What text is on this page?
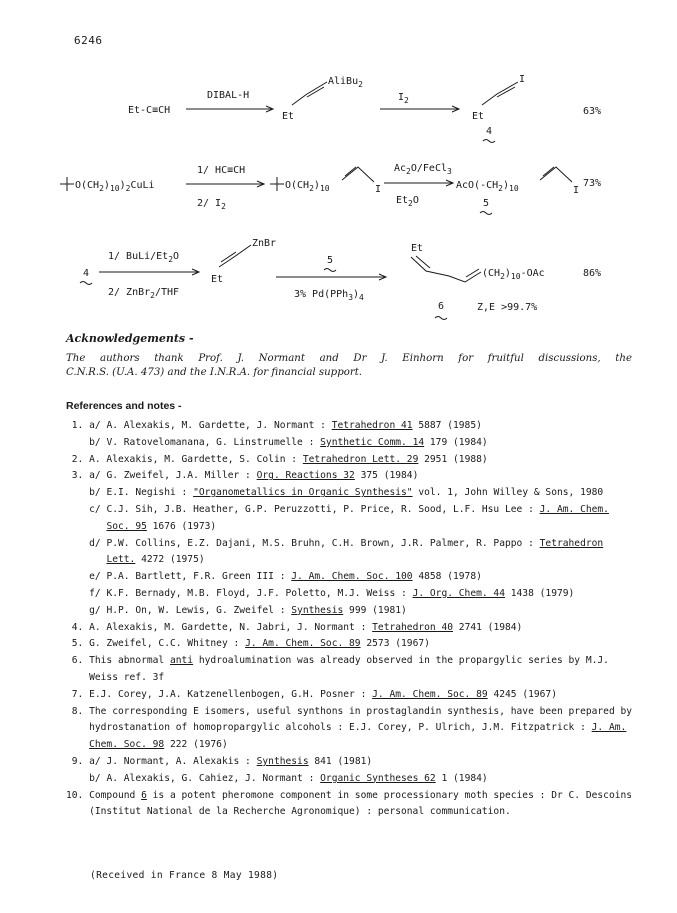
6246
Et-C≡CH
DIBAL-H
Et
AliBu$_2$
$I_2$
I
Et
4
63%
$O(CH_2)_{10})_2CuLi$
1/ HC≡CH
2/ $I_2$
$O(CH_2)_{10}$	I
$Ac_2O/FeCl_3$
$Et_2O$
$AcO(-CH_2)_{10}$	I
5
73%
4
1/ BuLi/$Et_2O$
2/ ZnBr$_2$/THF
ZnBr
Et
5
3% $Pd(PPh_3)_4$
Et
$(CH_2)_{10}$-OAc
6	Z,E >99.7%
86%
Acknowledgements -
The authors thank Prof. J. Normant and Dr J. Einhorn for fruitful discussions, the
C.N.R.S. (U.A. 473) and the I.N.R.A. for financial support.
References and notes -
1. a/ A. Alexakis, M. Gardette, J. Normant : Tetrahedron 41 5887 (1985)
b/ V. Ratovelomanana, G. Linstrumelle : Synthetic Comm. 14 179 (1984)
2. A. Alexakis, M. Gardette, S. Colin : Tetrahedron Lett. 29 2951 (1988)
3. a/ G. Zweifel, J.A. Miller : Org. Reactions 32 375 (1984)
b/ E.I. Negishi : "Organometallics in Organic Synthesis" vol. 1, John Willey & Sons, 1980
c/ C.J. Sih, J.B. Heather, G.P. Peruzzotti, P. Price, R. Sood, L.F. Hsu Lee : J. Am. Chem. Soc. 95 1676 (1973)
d/ P.W. Collins, E.Z. Dajani, M.S. Bruhn, C.H. Brown, J.R. Palmer, R. Pappo : Tetrahedron Lett. 4272 (1975)
e/ P.A. Bartlett, F.R. Green III : J. Am. Chem. Soc. 100 4858 (1978)
f/ K.F. Bernady, M.B. Floyd, J.F. Poletto, M.J. Weiss : J. Org. Chem. 44 1438 (1979)
g/ H.P. On, W. Lewis, G. Zweifel : Synthesis 999 (1981)
4. A. Alexakis, M. Gardette, N. Jabri, J. Normant : Tetrahedron 40 2741 (1984)
5. G. Zweifel, C.C. Whitney : J. Am. Chem. Soc. 89 2573 (1967)
6. This abnormal anti hydroalumination was already observed in the propargylic series by M.J. Weiss ref. 3f
7. E.J. Corey, J.A. Katzenellenbogen, G.H. Posner : J. Am. Chem. Soc. 89 4245 (1967)
8. The corresponding E isomers, useful synthons in prostaglandin synthesis, have been prepared by hydrostanation of homopropargylic alcohols : E.J. Corey, P. Ulrich, J.M. Fitzpatrick : J. Am. Chem. Soc. 98 222 (1976)
9. a/ J. Normant, A. Alexakis : Synthesis 841 (1981)
b/ A. Alexakis, G. Cahiez, J. Normant : Organic Syntheses 62 1 (1984)
10. Compound 6 is a potent pheromone component in some processionary moth species : Dr C. Descoins (Institut National de la Recherche Agronomique) : personal communication.
(Received in France 8 May 1988)
